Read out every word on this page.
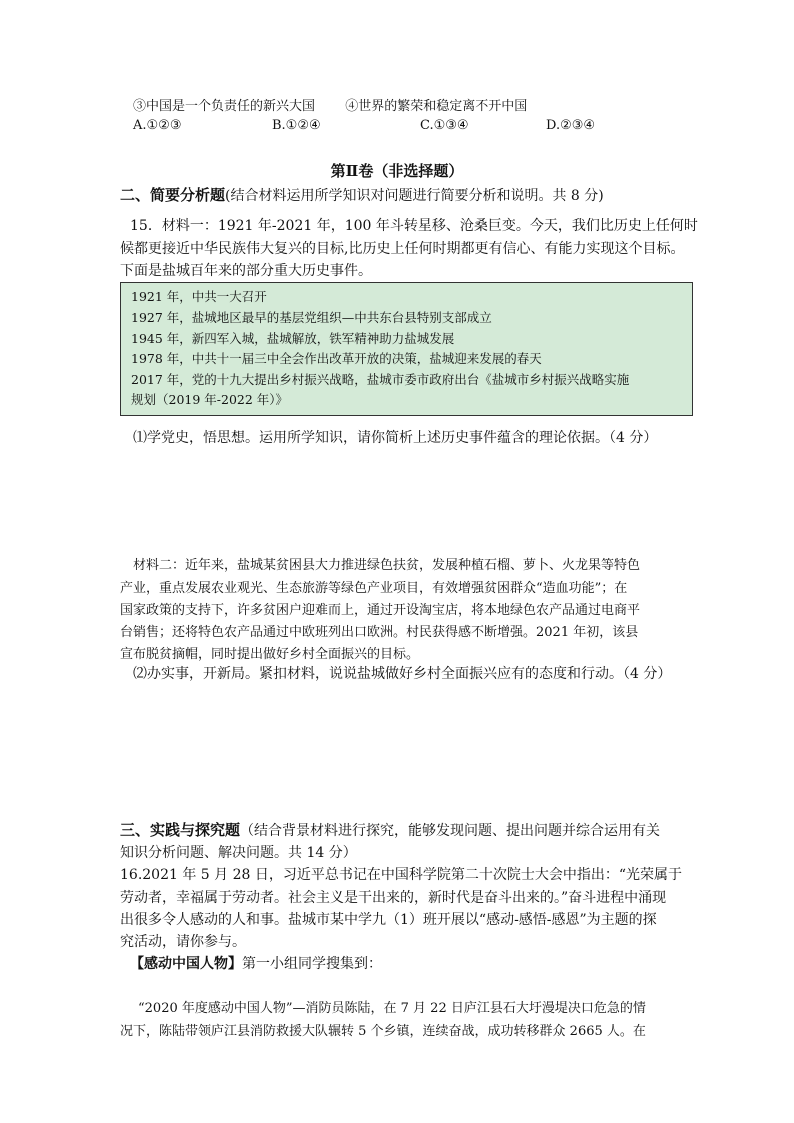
③中国是一个负责任的新兴大国 ④世界的繁荣和稳定离不开中国
A.①②③	B.①②④	C.①③④	D.②③④
第Ⅱ卷（非选择题）
二、简要分析题(结合材料运用所学知识对问题进行简要分析和说明。共 8 分)
15．材料一：1921 年-2021 年，100 年斗转星移、沧桑巨变。今天，我们比历史上任何时
候都更接近中华民族伟大复兴的目标,比历史上任何时期都更有信心、有能力实现这个目标。
下面是盐城百年来的部分重大历史事件。
1921 年，中共一大召开
1927 年，盐城地区最早的基层党组织—中共东台县特别支部成立
1945 年，新四军入城，盐城解放，铁军精神助力盐城发展
1978 年，中共十一届三中全会作出改革开放的决策，盐城迎来发展的春天
2017 年，党的十九大提出乡村振兴战略，盐城市委市政府出台《盐城市乡村振兴战略实施
规划（2019 年-2022 年）》
⑴学党史，悟思想。运用所学知识，请你简析上述历史事件蕴含的理论依据。（4 分）
材料二：近年来，盐城某贫困县大力推进绿色扶贫，发展种植石榴、萝卜、火龙果等特色
产业，重点发展农业观光、生态旅游等绿色产业项目，有效增强贫困群众“造血功能”；在
国家政策的支持下，许多贫困户迎难而上，通过开设淘宝店，将本地绿色农产品通过电商平
台销售；还将特色农产品通过中欧班列出口欧洲。村民获得感不断增强。2021 年初，该县
宣布脱贫摘帽，同时提出做好乡村全面振兴的目标。
⑵办实事，开新局。紧扣材料，说说盐城做好乡村全面振兴应有的态度和行动。（4 分）
三、实践与探究题（结合背景材料进行探究，能够发现问题、提出问题并综合运用有关
知识分析问题、解决问题。共 14 分）
16.2021 年 5 月 28 日，习近平总书记在中国科学院第二十次院士大会中指出：“光荣属于
劳动者，幸福属于劳动者。社会主义是干出来的，新时代是奋斗出来的。”奋斗进程中涌现
出很多令人感动的人和事。盐城市某中学九（1）班开展以“感动-感悟-感恩”为主题的探
究活动，请你参与。
【感动中国人物】第一小组同学搜集到：
“2020 年度感动中国人物”—消防员陈陆，在 7 月 22 日庐江县石大圩漫堤决口危急的情
况下，陈陆带领庐江县消防救援大队辗转 5 个乡镇，连续奋战，成功转移群众 2665 人。在
